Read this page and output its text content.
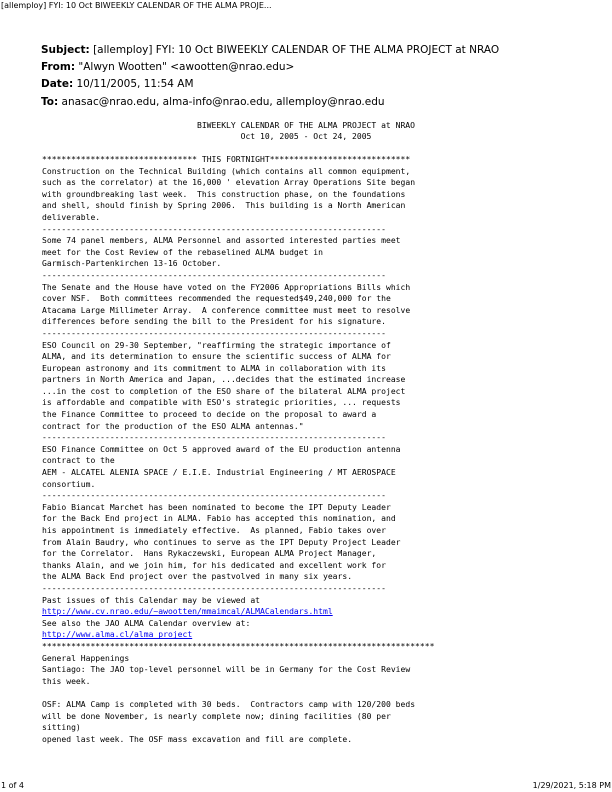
[allemploy] FYI: 10 Oct BIWEEKLY CALENDAR OF THE ALMA PROJE...
Subject: [allemploy] FYI: 10 Oct BIWEEKLY CALENDAR OF THE ALMA PROJECT at NRAO
From: "Alwyn Wootten" <awootten@nrao.edu>
Date: 10/11/2005, 11:54 AM
To: anasac@nrao.edu, alma-info@nrao.edu, allemploy@nrao.edu
BIWEEKLY CALENDAR OF THE ALMA PROJECT at NRAO
Oct 10, 2005 - Oct 24, 2005
******************************** THIS FORTNIGHT*****************************
Construction on the Technical Building (which contains all common equipment,
such as the correlator) at the 16,000 ' elevation Array Operations Site began
with groundbreaking last week.  This construction phase, on the foundations
and shell, should finish by Spring 2006.  This building is a North American
deliverable.
-----------------------------------------------------------------------
Some 74 panel members, ALMA Personnel and assorted interested parties meet
meet for the Cost Review of the rebaselined ALMA budget in
Garmisch-Partenkirchen 13-16 October.
-----------------------------------------------------------------------
The Senate and the House have voted on the FY2006 Appropriations Bills which
cover NSF.  Both committees recommended the requested$49,240,000 for the
Atacama Large Millimeter Array.  A conference committee must meet to resolve
differences before sending the bill to the President for his signature.
-----------------------------------------------------------------------
ESO Council on 29-30 September, "reaffirming the strategic importance of
ALMA, and its determination to ensure the scientific success of ALMA for
European astronomy and its commitment to ALMA in collaboration with its
partners in North America and Japan, ...decides that the estimated increase
...in the cost to completion of the ESO share of the bilateral ALMA project
is affordable and compatible with ESO's strategic priorities, ... requests
the Finance Committee to proceed to decide on the proposal to award a
contract for the production of the ESO ALMA antennas."
-----------------------------------------------------------------------
ESO Finance Committee on Oct 5 approved award of the EU production antenna
contract to the
AEM - ALCATEL ALENIA SPACE / E.I.E. Industrial Engineering / MT AEROSPACE
consortium.
-----------------------------------------------------------------------
Fabio Biancat Marchet has been nominated to become the IPT Deputy Leader
for the Back End project in ALMA. Fabio has accepted this nomination, and
his appointment is immediately effective.  As planned, Fabio takes over
from Alain Baudry, who continues to serve as the IPT Deputy Project Leader
for the Correlator.  Hans Rykaczewski, European ALMA Project Manager,
thanks Alain, and we join him, for his dedicated and excellent work for
the ALMA Back End project over the pastvolved in many six years.
-----------------------------------------------------------------------
Past issues of this Calendar may be viewed at
http://www.cv.nrao.edu/~awootten/mmaimcal/ALMACalendars.html
See also the JAO ALMA Calendar overview at:
http://www.alma.cl/alma_project
*********************************************************************************
General Happenings
Santiago: The JAO top-level personnel will be in Germany for the Cost Review
this week.

OSF: ALMA Camp is completed with 30 beds.  Contractors camp with 120/200 beds
will be done November, is nearly complete now; dining facilities (80 per
sitting)
opened last week. The OSF mass excavation and fill are complete.
1 of 4	1/29/2021, 5:18 PM
